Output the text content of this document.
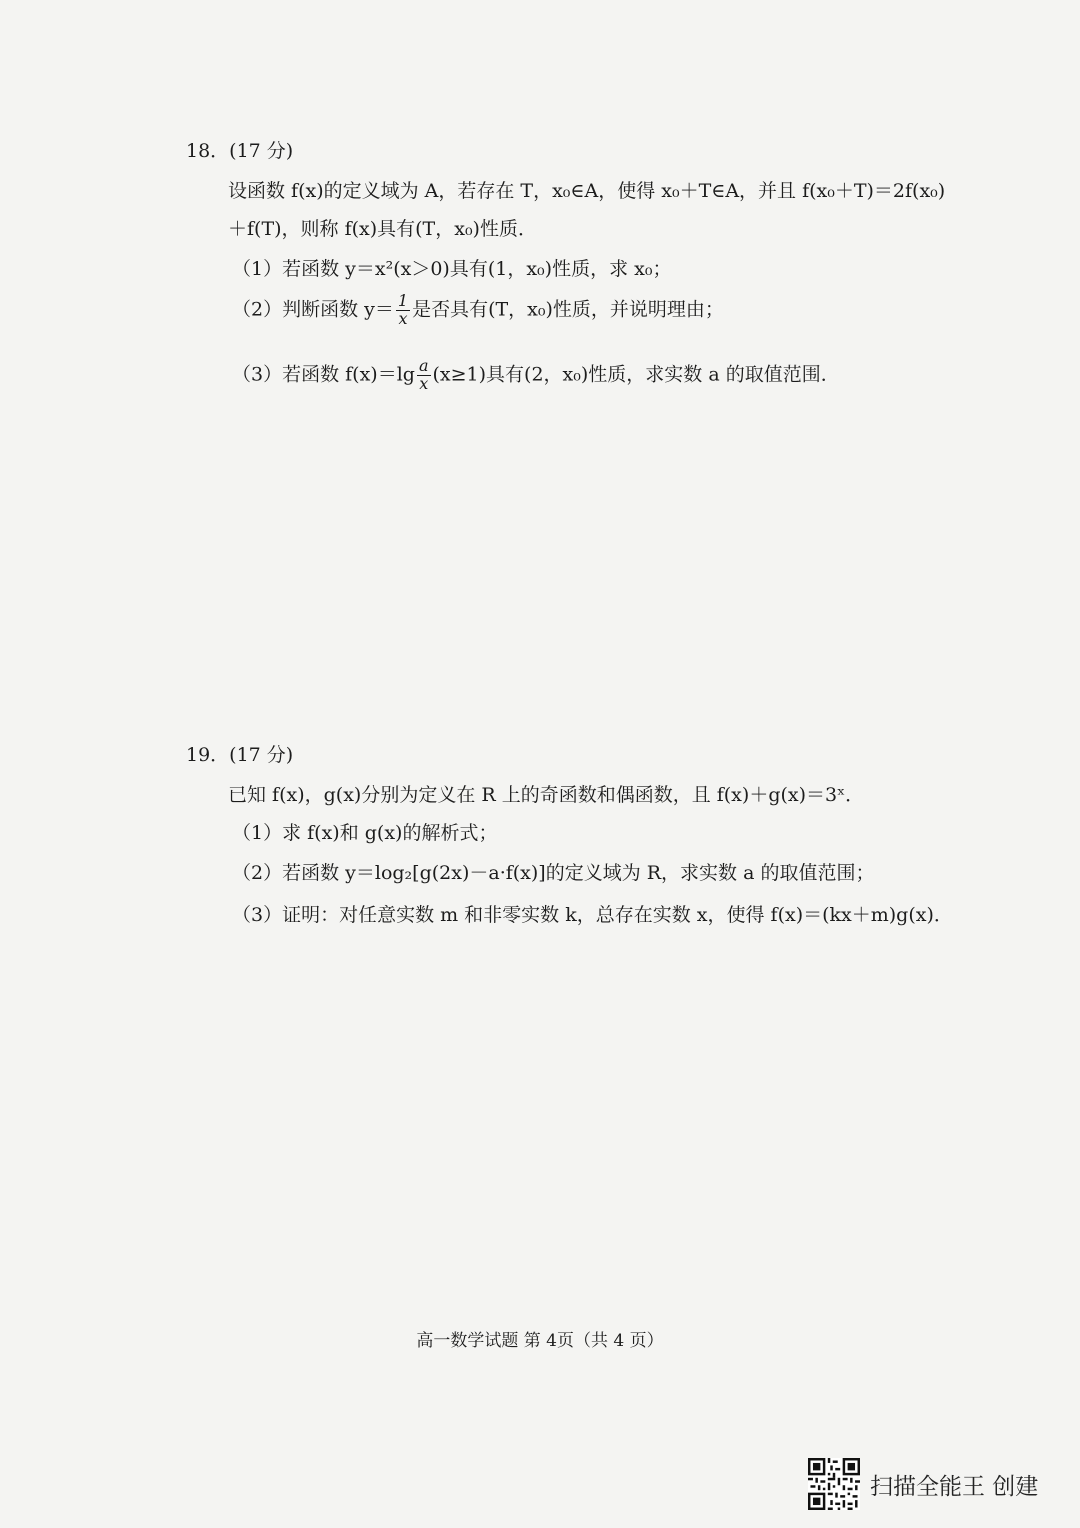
18．(17 分)
设函数 f(x)的定义域为 A，若存在 T，x₀∈A，使得 x₀＋T∈A，并且 f(x₀＋T)＝2f(x₀)
＋f(T)，则称 f(x)具有(T，x₀)性质．
（1）若函数 y＝x²(x＞0)具有(1，x₀)性质，求 x₀；
（2）判断函数 $y= \frac{1}{x}$ 是否具有(T，x₀)性质，并说明理由；
（3）若函数 $f(x)=\lg \frac{a}{x} (x\ge 1)$具有(2，x₀)性质，求实数 a 的取值范围．
19．(17 分)
已知 f(x)，g(x)分别为定义在 R 上的奇函数和偶函数，且 f(x)＋g(x)＝3ˣ．
（1）求 f(x)和 g(x)的解析式；
（2）若函数 y＝log₂[g(2x)－a·f(x)]的定义域为 R，求实数 a 的取值范围；
（3）证明：对任意实数 m 和非零实数 k，总存在实数 x，使得 f(x)＝(kx＋m)g(x)．
高一数学试题 第 4页（共 4 页）
扫描全能王 创建
